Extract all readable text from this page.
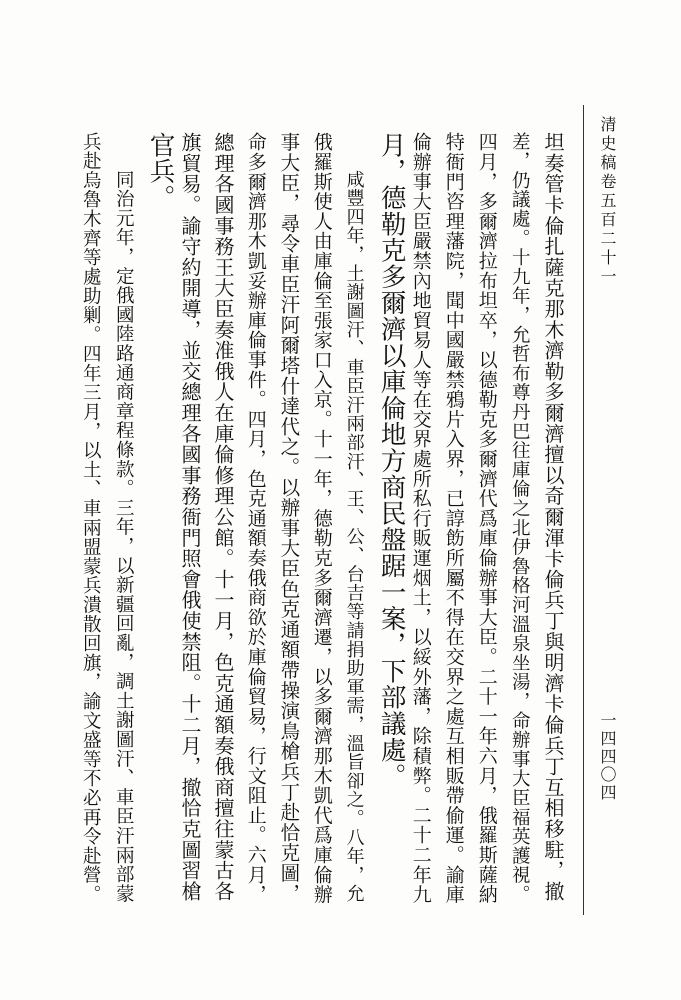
清史稿卷五百二十一
一四四〇四
坦奏管卡倫扎薩克那木濟勒多爾濟擅以奇爾渾卡倫兵丁與明濟卡倫兵丁互相移駐，撤
差，仍議處。十九年，允哲布尊丹巴往庫倫之北伊魯格河溫泉坐湯，命辦事大臣福英護視。
四月，多爾濟拉布坦卒，以德勒克多爾濟代爲庫倫辦事大臣。二十一年六月，俄羅斯薩納
特衙門咨理藩院，聞中國嚴禁鴉片入界，已諄飭所屬不得在交界之處互相販帶偷運。諭庫
倫辦事大臣嚴禁內地貿易人等在交界處所私行販運烟土，以綏外藩，除積弊。二十二年九
月，德勒克多爾濟以庫倫地方商民盤踞一案，下部議處。
咸豐四年，土謝圖汗、車臣汗兩部汗、王、公、台吉等請捐助軍需，溫旨卻之。八年，允
俄羅斯使人由庫倫至張家口入京。十一年，德勒克多爾濟遷，以多爾濟那木凱代爲庫倫辦
事大臣，尋令車臣汗阿爾塔什達代之。以辦事大臣色克通額帶操演鳥槍兵丁赴恰克圖，
命多爾濟那木凱妥辦庫倫事件。四月，色克通額奏俄商欲於庫倫貿易，行文阻止。六月，
總理各國事務王大臣奏准俄人在庫倫修理公館。十一月，色克通額奏俄商擅往蒙古各
旗貿易。諭守約開導，並交總理各國事務衙門照會俄使禁阻。十二月，撤恰克圖習槍
官兵。
同治元年，定俄國陸路通商章程條款。三年，以新疆回亂，調土謝圖汗、車臣汗兩部蒙
兵赴烏魯木齊等處助剿。四年三月，以土、車兩盟蒙兵潰散回旗，諭文盛等不必再令赴營。
